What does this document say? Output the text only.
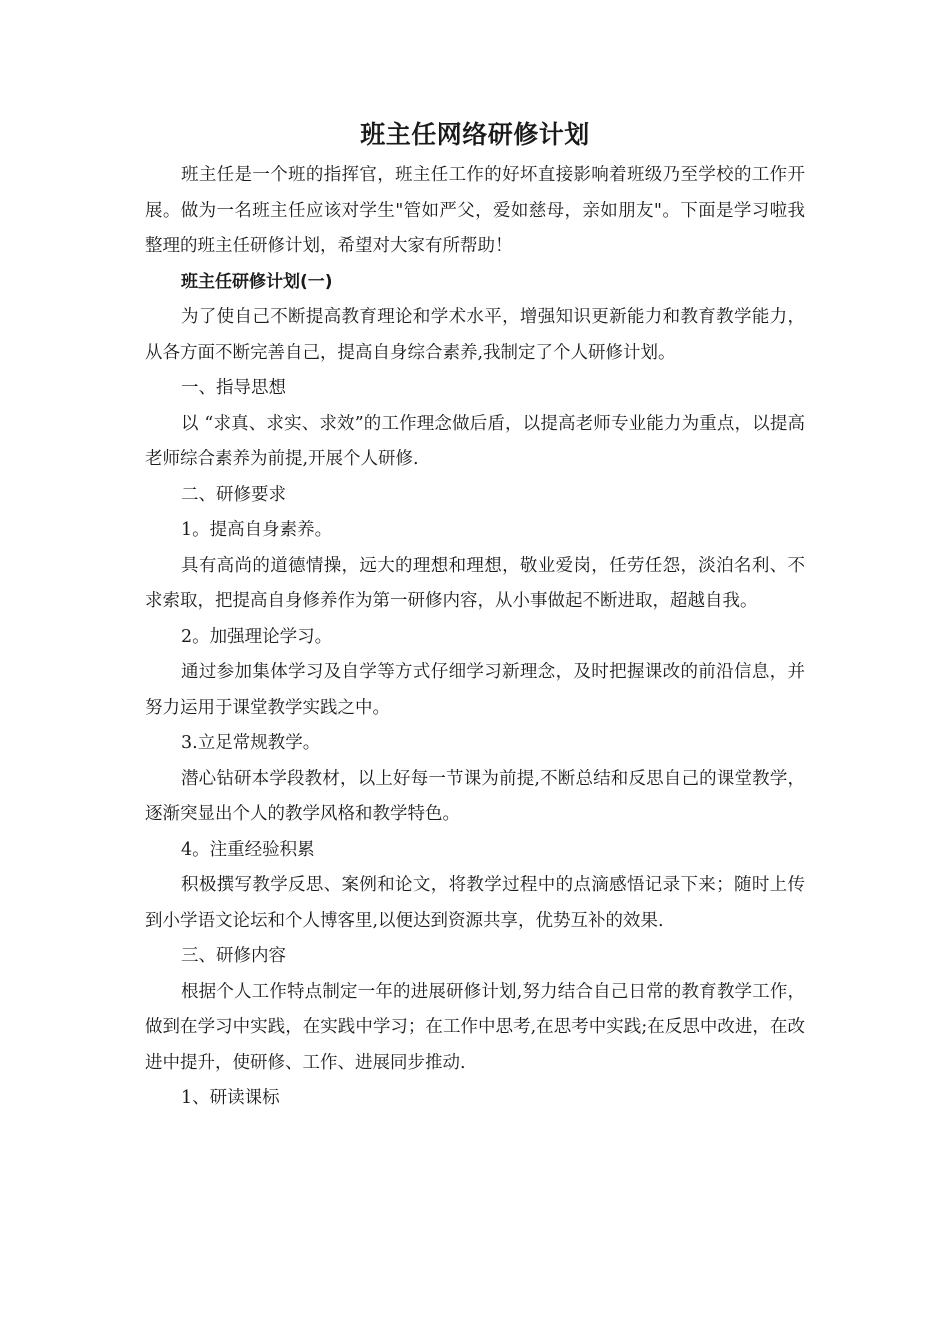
班主任网络研修计划

班主任是一个班的指挥官，班主任工作的好坏直接影响着班级乃至学校的工作开展。做为一名班主任应该对学生"管如严父，爱如慈母，亲如朋友"。下面是学习啦我整理的班主任研修计划，希望对大家有所帮助！

班主任研修计划(一)

为了使自己不断提高教育理论和学术水平，增强知识更新能力和教育教学能力，从各方面不断完善自己，提高自身综合素养,我制定了个人研修计划。

一、指导思想

以 “求真、求实、求效”的工作理念做后盾，以提高老师专业能力为重点，以提高老师综合素养为前提,开展个人研修.

二、研修要求

1。提高自身素养。

具有高尚的道德情操，远大的理想和理想，敬业爱岗，任劳任怨，淡泊名利、不求索取，把提高自身修养作为第一研修内容，从小事做起不断进取，超越自我。

2。加强理论学习。

通过参加集体学习及自学等方式仔细学习新理念，及时把握课改的前沿信息，并努力运用于课堂教学实践之中。

3.立足常规教学。

潜心钻研本学段教材，以上好每一节课为前提,不断总结和反思自己的课堂教学，逐渐突显出个人的教学风格和教学特色。

4。注重经验积累

积极撰写教学反思、案例和论文，将教学过程中的点滴感悟记录下来；随时上传到小学语文论坛和个人博客里,以便达到资源共享，优势互补的效果.

三、研修内容

根据个人工作特点制定一年的进展研修计划,努力结合自己日常的教育教学工作，做到在学习中实践，在实践中学习；在工作中思考,在思考中实践;在反思中改进，在改进中提升，使研修、工作、进展同步推动.

1、研读课标
